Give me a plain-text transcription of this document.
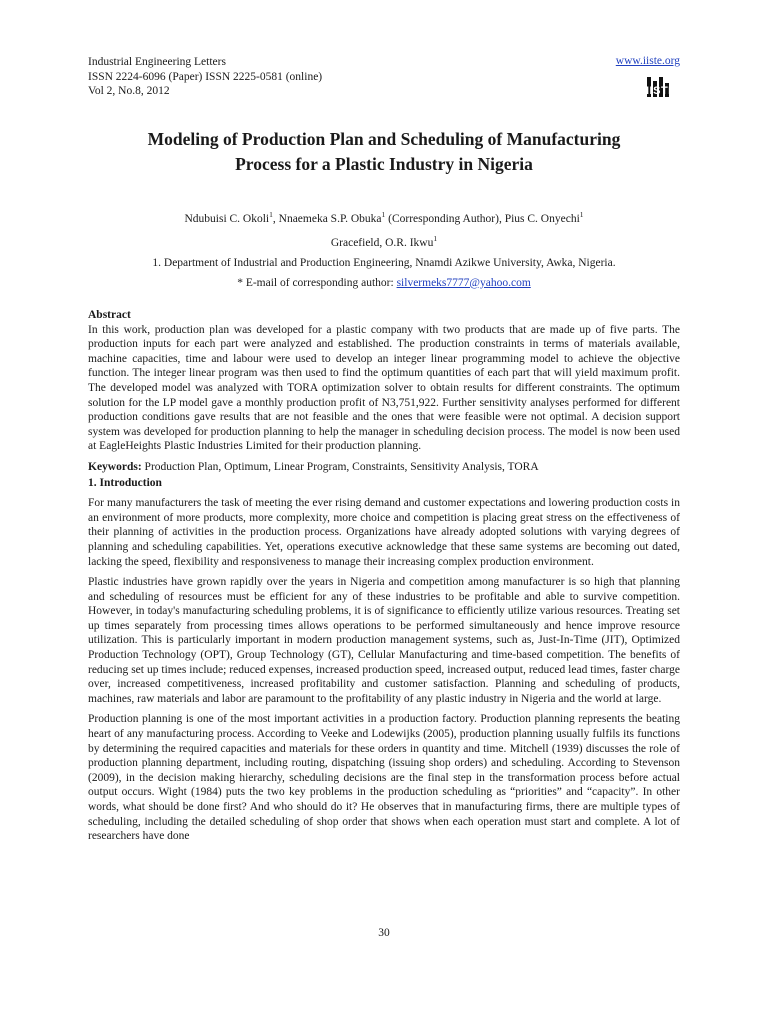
Industrial Engineering Letters
ISSN 2224-6096 (Paper) ISSN 2225-0581 (online)
Vol 2, No.8, 2012
www.iiste.org
IISTE
Modeling of Production Plan and Scheduling of Manufacturing
Process for a Plastic Industry in Nigeria
Ndubuisi C. Okoli$^1$, Nnaemeka S.P. Obuka$^1$ (Corresponding Author), Pius C. Onyechi$^1$
Gracefield, O.R. Ikwu$^1$
1. Department of Industrial and Production Engineering, Nnamdi Azikwe University, Awka, Nigeria.
* E-mail of corresponding author: silvermeks7777@yahoo.com
Abstract

In this work, production plan was developed for a plastic company with two products that are made up of five parts. The production inputs for each part were analyzed and established. The production constraints in terms of materials available, machine capacities, time and labour were used to develop an integer linear programming model to achieve the objective function. The integer linear program was then used to find the optimum quantities of each part that will yield maximum profit. The developed model was analyzed with TORA optimization solver to obtain results for different constraints. The optimum solution for the LP model gave a monthly production profit of N3,751,922. Further sensitivity analyses performed for different production conditions gave results that are not feasible and the ones that were feasible were not optimal. A decision support system was developed for production planning to help the manager in scheduling decision process. The model is now been used at EagleHeights Plastic Industries Limited for their production planning.

Keywords: Production Plan, Optimum, Linear Program, Constraints, Sensitivity Analysis, TORA
1. Introduction

For many manufacturers the task of meeting the ever rising demand and customer expectations and lowering production costs in an environment of more products, more complexity, more choice and competition is placing great stress on the effectiveness of their planning of activities in the production process. Organizations have already adopted solutions with varying degrees of planning and scheduling capabilities. Yet, operations executive acknowledge that these same systems are becoming out dated, lacking the speed, flexibility and responsiveness to manage their increasing complex production environment.

Plastic industries have grown rapidly over the years in Nigeria and competition among manufacturer is so high that planning and scheduling of resources must be efficient for any of these industries to be profitable and able to survive competition. However, in today's manufacturing scheduling problems, it is of significance to efficiently utilize various resources. Treating set up times separately from processing times allows operations to be performed simultaneously and hence improve resource utilization. This is particularly important in modern production management systems, such as, Just-In-Time (JIT), Optimized Production Technology (OPT), Group Technology (GT), Cellular Manufacturing and time-based competition. The benefits of reducing set up times include; reduced expenses, increased production speed, increased output, reduced lead times, faster charge over, increased competitiveness, increased profitability and customer satisfaction. Planning and scheduling of products, machines, raw materials and labor are paramount to the profitability of any plastic industry in Nigeria and the world at large.

Production planning is one of the most important activities in a production factory. Production planning represents the beating heart of any manufacturing process. According to Veeke and Lodewijks (2005), production planning usually fulfils its functions by determining the required capacities and materials for these orders in quantity and time. Mitchell (1939) discusses the role of production planning department, including routing, dispatching (issuing shop orders) and scheduling. According to Stevenson (2009), in the decision making hierarchy, scheduling decisions are the final step in the transformation process before actual output occurs. Wight (1984) puts the two key problems in the production scheduling as “priorities” and “capacity”. In other words, what should be done first? And who should do it? He observes that in manufacturing firms, there are multiple types of scheduling, including the detailed scheduling of shop order that shows when each operation must start and complete. A lot of researchers have done

30
